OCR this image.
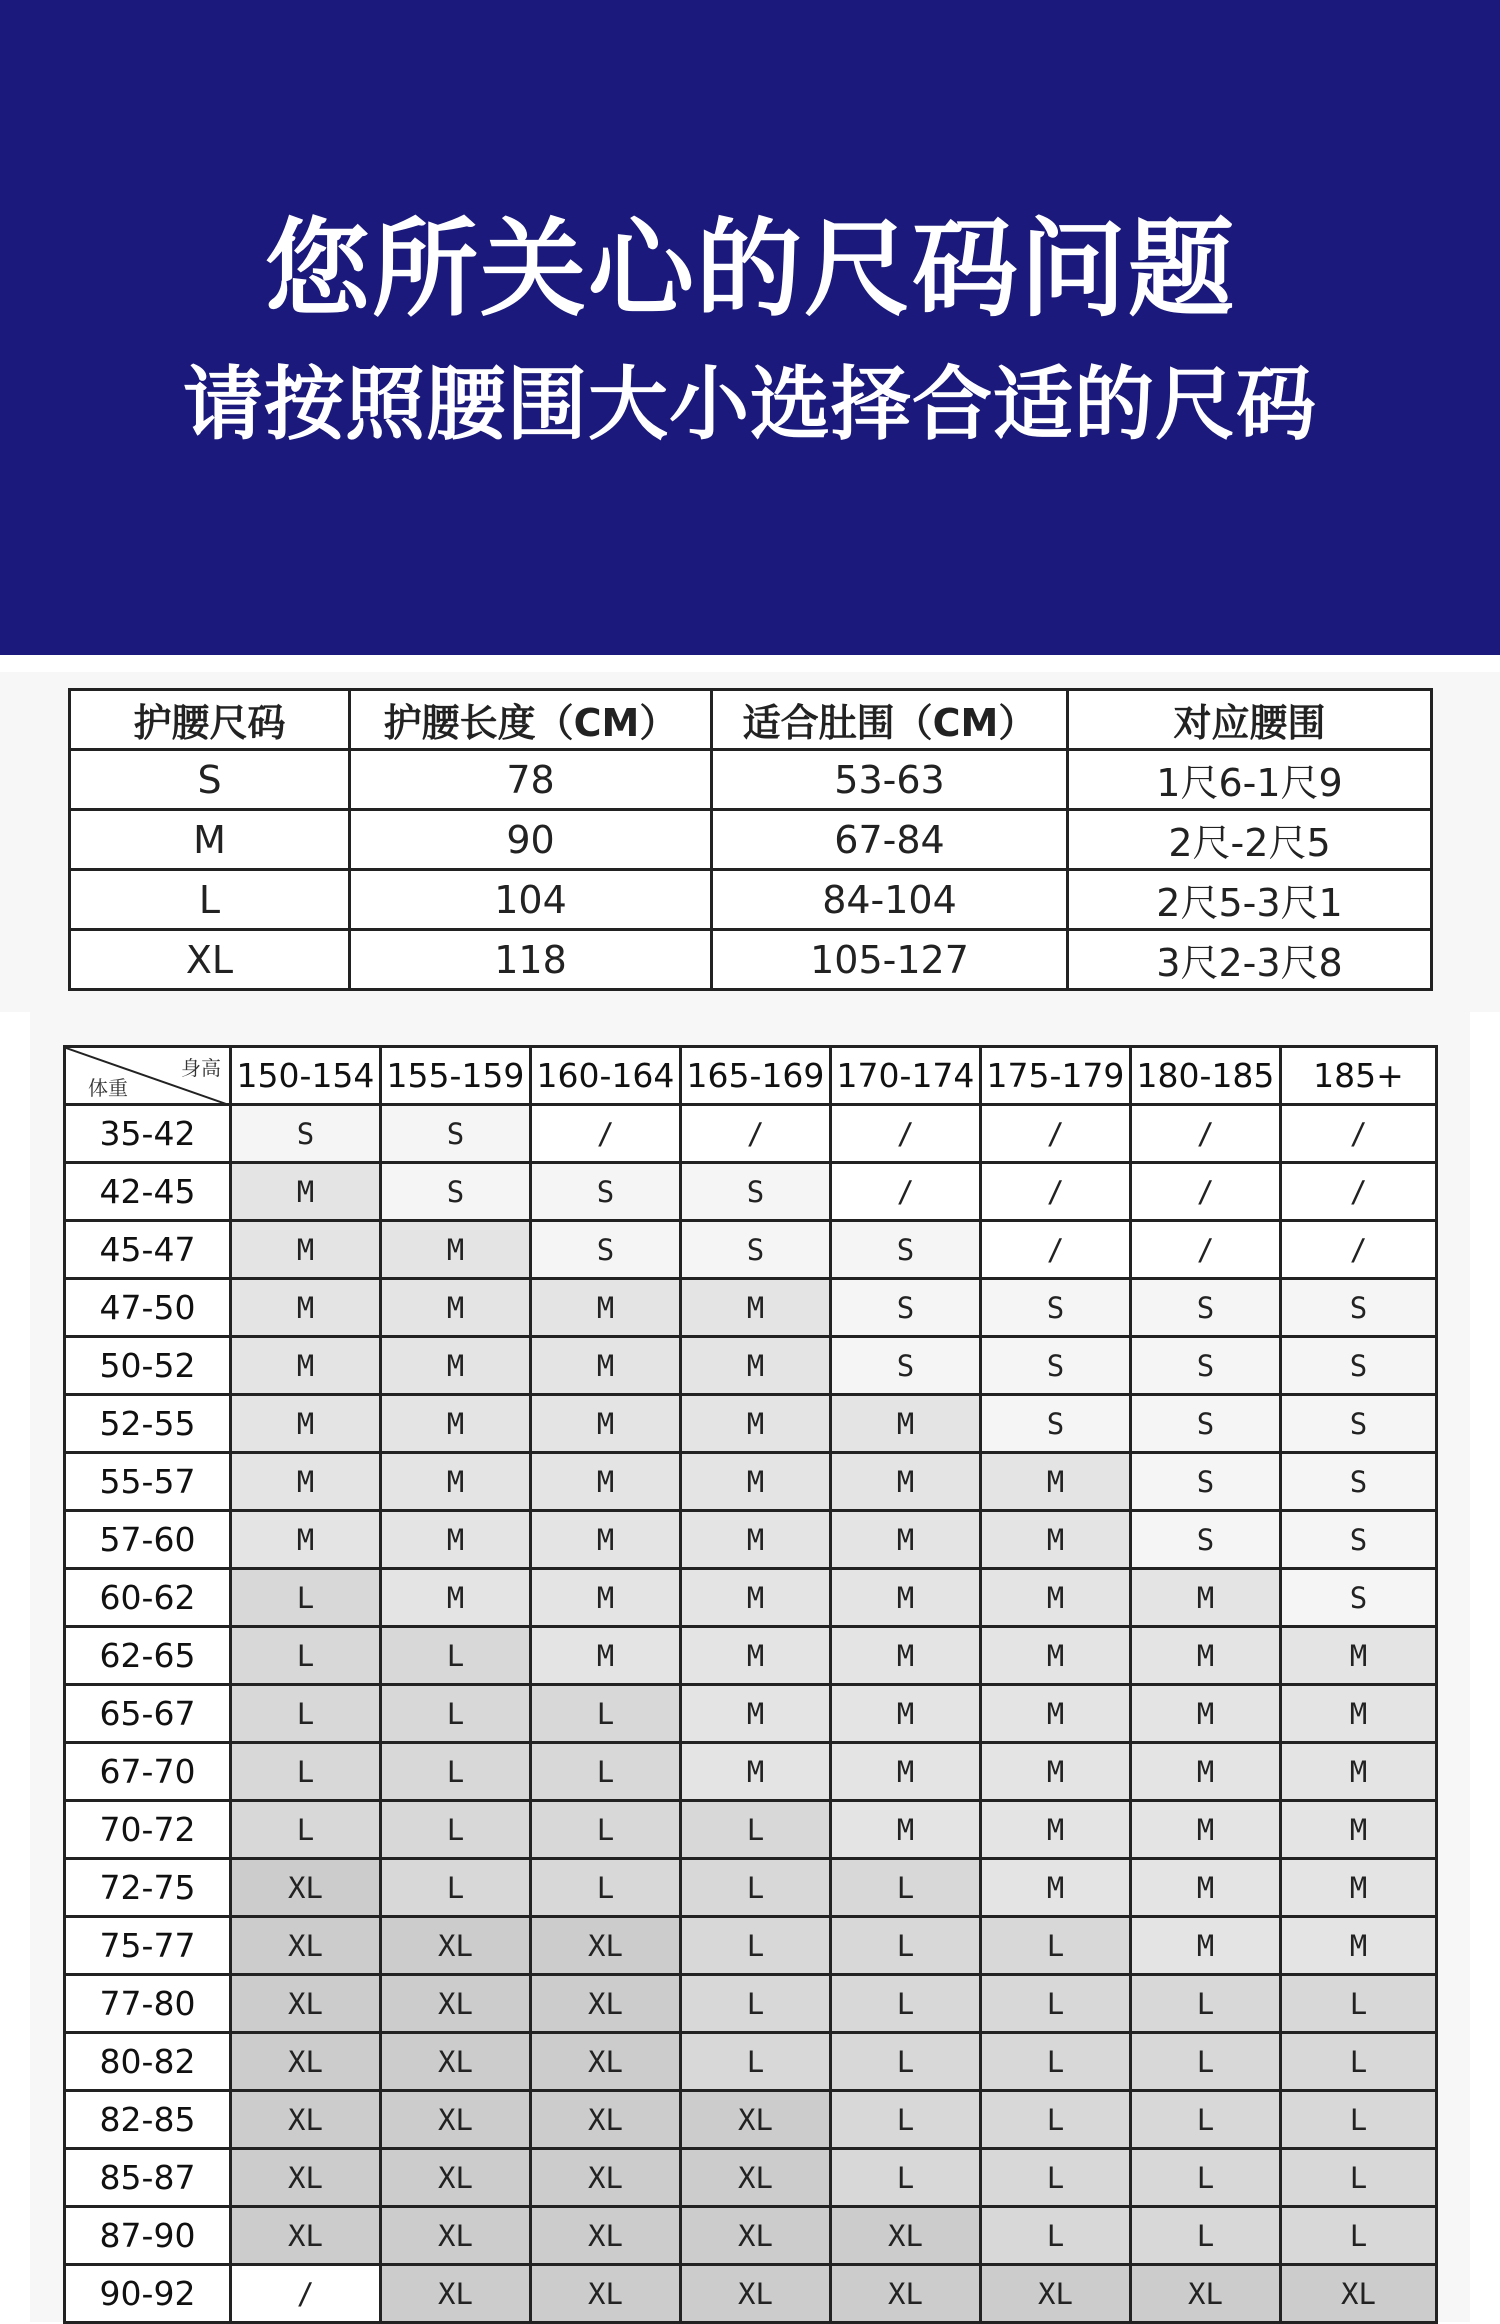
您所关心的尺码问题
请按照腰围大小选择合适的尺码
护腰尺码	护腰长度（CM）	适合肚围（CM）	对应腰围
S	78	53-63	1尺6-1尺9
M	90	67-84	2尺-2尺5
L	104	84-104	2尺5-3尺1
XL	118	105-127	3尺2-3尺8
身高
体重	150-154	155-159	160-164	165-169	170-174	175-179	180-185	185+
35-42	S	S	/	/	/	/	/	/
42-45	M	S	S	S	/	/	/	/
45-47	M	M	S	S	S	/	/	/
47-50	M	M	M	M	S	S	S	S
50-52	M	M	M	M	S	S	S	S
52-55	M	M	M	M	M	S	S	S
55-57	M	M	M	M	M	M	S	S
57-60	M	M	M	M	M	M	S	S
60-62	L	M	M	M	M	M	M	S
62-65	L	L	M	M	M	M	M	M
65-67	L	L	L	M	M	M	M	M
67-70	L	L	L	M	M	M	M	M
70-72	L	L	L	L	M	M	M	M
72-75	XL	L	L	L	L	M	M	M
75-77	XL	XL	XL	L	L	L	M	M
77-80	XL	XL	XL	L	L	L	L	L
80-82	XL	XL	XL	L	L	L	L	L
82-85	XL	XL	XL	XL	L	L	L	L
85-87	XL	XL	XL	XL	L	L	L	L
87-90	XL	XL	XL	XL	XL	L	L	L
90-92	/	XL	XL	XL	XL	XL	XL	XL
